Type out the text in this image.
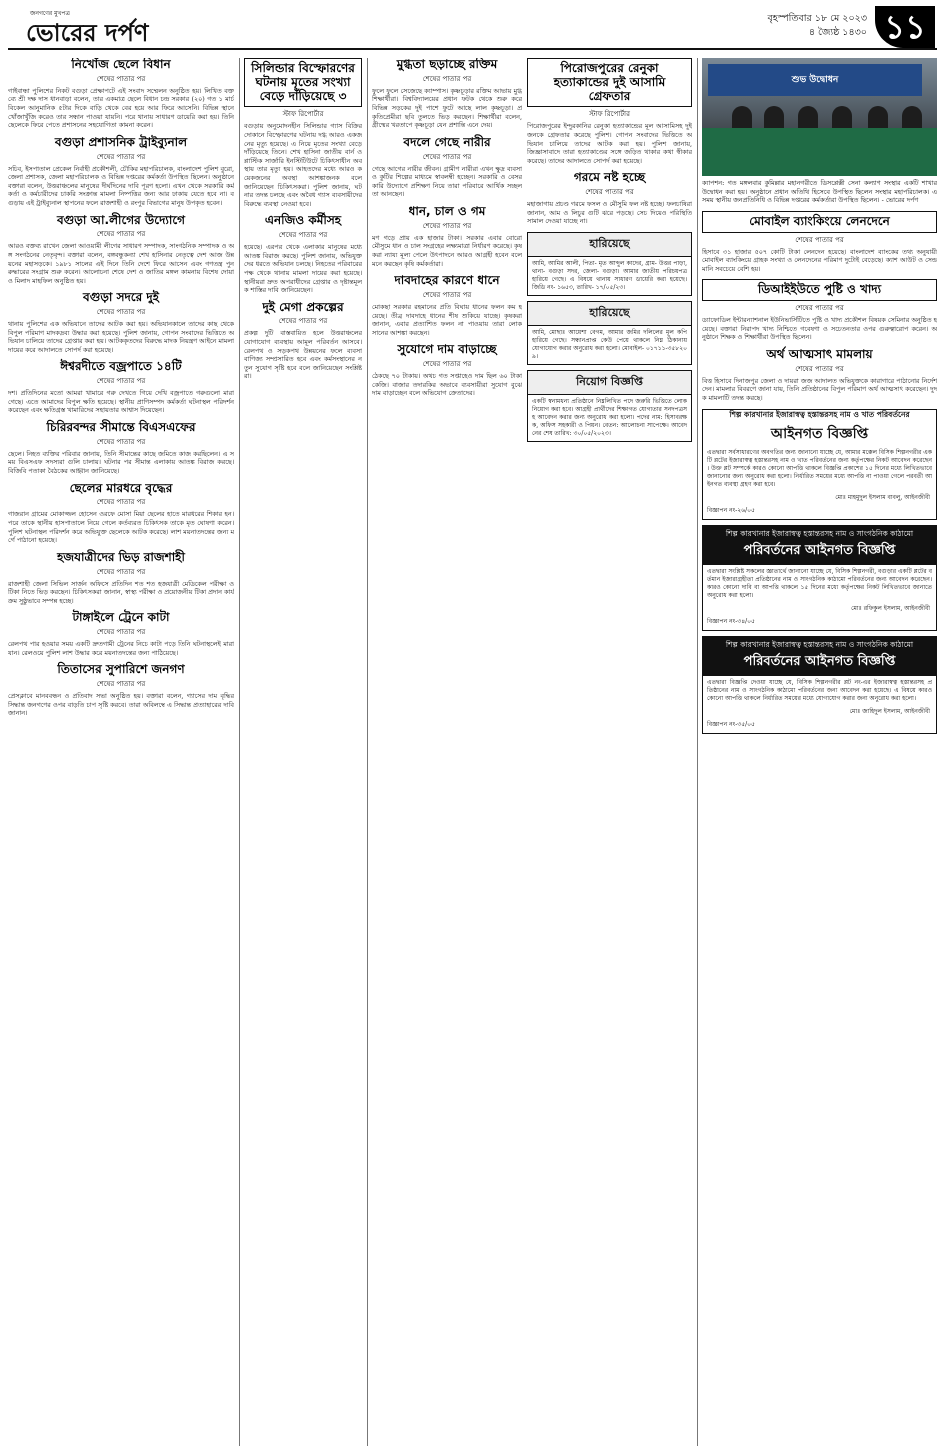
জনগণের মুখপত্র
ভোরের দর্পণ
বৃহস্পতিবার ১৮ মে ২০২৩
৪ জ্যৈষ্ঠ ১৪৩০ ১১
নিখোঁজ ছেলে বিধান
শেষের পাতার পর
গাইবান্ধা পুলিশের নিকট বগুড়া প্রেক্ষাপটে এই সংবাদ সম্মেলন অনুষ্ঠিত হয়। লিখিত বক্তব্যে শ্রী দক্ষ দাস ধানবাড়া বলেন, তার একমাত্র ছেলে বিধান চন্দ্র সরকার (২০) গত ১ মার্চ বিকেল আনুমানিক ৫টার দিকে বাড়ি থেকে বের হয়ে আর ফিরে আসেনি। বিভিন্ন স্থানে খোঁজাখুঁজি করেও তার সন্ধান পাওয়া যায়নি। পরে থানায় সাধারণ ডায়েরি করা হয়। তিনি ছেলেকে ফিরে পেতে প্রশাসনের সহযোগিতা কামনা করেন।
বগুড়া প্রশাসনিক ট্রাইব্যুনাল
শেষের পাতার পর
সচিব, ইসপাতাল প্রেকেল নির্বাহী প্রকৌশলী, চৌকির মহাপরিচালক, বাংলাদেশ পুলিশ বুরো, জেলা প্রশাসক, জেলা মহাপরিচালক ও বিভিন্ন দপ্তরের কর্মকর্তা উপস্থিত ছিলেন। অনুষ্ঠানে বক্তারা বলেন, উত্তরাঞ্চলের মানুষের দীর্ঘদিনের দাবি পূরণ হলো। এখন থেকে সরকারি কর্মকর্তা ও কর্মচারীদের চাকরি সংক্রান্ত মামলা নিষ্পত্তির জন্য আর ঢাকায় যেতে হবে না। বগুড়ায় এই ট্রাইব্যুনাল স্থাপনের ফলে রাজশাহী ও রংপুর বিভাগের মানুষ উপকৃত হবেন।
বগুড়া আ.লীগের উদ্যোগে
শেষের পাতার পর
আরও বক্তব্য রাখেন জেলা আওয়ামী লীগের সাধারণ সম্পাদক, সাংগঠনিক সম্পাদক ও অঙ্গ সংগঠনের নেতৃবৃন্দ। বক্তারা বলেন, বঙ্গবন্ধুকন্যা শেখ হাসিনার নেতৃত্বে দেশ আজ উন্নয়নের মহাসড়কে। ১৯৮১ সালের এই দিনে তিনি দেশে ফিরে আসেন এবং গণতন্ত্র পুনরুদ্ধারের সংগ্রাম শুরু করেন। আলোচনা শেষে দেশ ও জাতির মঙ্গল কামনায় বিশেষ দোয়া ও মিলাদ মাহফিল অনুষ্ঠিত হয়।
বগুড়া সদরে দুই
শেষের পাতার পর
থানায় পুলিশের এক অভিযানে তাদের আটক করা হয়। অভিযানকালে তাদের কাছ থেকে বিপুল পরিমাণ মাদকদ্রব্য উদ্ধার করা হয়েছে। পুলিশ জানায়, গোপন সংবাদের ভিত্তিতে অভিযান চালিয়ে তাদের গ্রেপ্তার করা হয়। আটককৃতদের বিরুদ্ধে মাদক নিয়ন্ত্রণ আইনে মামলা দায়ের করে আদালতে সোপর্দ করা হয়েছে।
ঈশ্বরদীতে বজ্রপাতে ১৪টি
শেষের পাতার পর
দশ। প্রতিদিনের মতো আমরা খামারে গরু দেখতে গিয়ে দেখি বজ্রপাতে গরুগুলো মারা গেছে। এতে আমাদের বিপুল ক্ষতি হয়েছে। স্থানীয় প্রাণিসম্পদ কর্মকর্তা ঘটনাস্থল পরিদর্শন করেছেন এবং ক্ষতিগ্রস্ত খামারিদের সহায়তার আশ্বাস দিয়েছেন।
চিরিরবন্দর সীমান্তে বিএসএফের
শেষের পাতার পর
ছেলে। নিহত ব্যক্তির পরিবার জানায়, তিনি সীমান্তের কাছে জমিতে কাজ করছিলেন। এ সময় বিএসএফ সদস্যরা গুলি চালায়। ঘটনার পর সীমান্ত এলাকায় আতঙ্ক বিরাজ করছে। বিজিবি পতাকা বৈঠকের আহ্বান জানিয়েছে।
ছেলের মারধরে বৃদ্ধের
শেষের পাতার পর
গাজরান গ্রামের মোকাজ্জল হোসেন ওরফে মোসা মিয়া ছেলের হাতে মারধরের শিকার হন। পরে তাকে স্থানীয় হাসপাতালে নিয়ে গেলে কর্তব্যরত চিকিৎসক তাকে মৃত ঘোষণা করেন। পুলিশ ঘটনাস্থল পরিদর্শন করে অভিযুক্ত ছেলেকে আটক করেছে। লাশ ময়নাতদন্তের জন্য মর্গে পাঠানো হয়েছে।
হজযাত্রীদের ভিড় রাজশাহী
শেষের পাতার পর
রাজশাহী জেলা সিভিল সার্জন অফিসে প্রতিদিন শত শত হজযাত্রী মেডিকেল পরীক্ষা ও টিকা নিতে ভিড় করছেন। চিকিৎসকরা জানান, স্বাস্থ্য পরীক্ষা ও প্রয়োজনীয় টিকা প্রদান কার্যক্রম সুষ্ঠুভাবে সম্পন্ন হচ্ছে।
টাঙ্গাইলে ট্রেনে কাটা
শেষের পাতার পর
রেলপথ পার হওয়ার সময় একটি দ্রুতগামী ট্রেনের নিচে কাটা পড়ে তিনি ঘটনাস্থলেই মারা যান। রেলওয়ে পুলিশ লাশ উদ্ধার করে ময়নাতদন্তের জন্য পাঠিয়েছে।
তিতাসের সুপারিশে জনগণ
শেষের পাতার পর
প্রেসক্লাবে মানববন্ধন ও প্রতিবাদ সভা অনুষ্ঠিত হয়। বক্তারা বলেন, গ্যাসের দাম বৃদ্ধির সিদ্ধান্ত জনগণের ওপর বাড়তি চাপ সৃষ্টি করবে। তারা অবিলম্বে এ সিদ্ধান্ত প্রত্যাহারের দাবি জানান।
সিলিন্ডার বিস্ফোরণের ঘটনায় মৃতের সংখ্যা বেড়ে দাঁড়িয়েছে ৩
স্টাফ রিপোর্টার
বগুড়ায় অনুমোদনহীন সিলিন্ডার গ্যাস বিক্রির দোকানে বিস্ফোরণের ঘটনায় দগ্ধ আরও একজনের মৃত্যু হয়েছে। এ নিয়ে মৃতের সংখ্যা বেড়ে দাঁড়িয়েছে তিনে। শেখ হাসিনা জাতীয় বার্ন ও প্লাস্টিক সার্জারি ইনস্টিটিউটে চিকিৎসাধীন অবস্থায় তার মৃত্যু হয়। আহতদের মধ্যে আরও কয়েকজনের অবস্থা আশঙ্কাজনক বলে জানিয়েছেন চিকিৎসকরা। পুলিশ জানায়, ঘটনার তদন্ত চলছে এবং অবৈধ গ্যাস ব্যবসায়ীদের বিরুদ্ধে ব্যবস্থা নেওয়া হবে।
এনজিও কর্মীসহ
শেষের পাতার পর
হয়েছে। এরপর থেকে এলাকার মানুষের মধ্যে আতঙ্ক বিরাজ করছে। পুলিশ জানায়, অভিযুক্তদের ধরতে অভিযান চলছে। নিহতের পরিবারের পক্ষ থেকে থানায় মামলা দায়ের করা হয়েছে। স্থানীয়রা দ্রুত অপরাধীদের গ্রেপ্তার ও দৃষ্টান্তমূলক শাস্তির দাবি জানিয়েছেন।
দুই মেগা প্রকল্পের
শেষের পাতার পর
প্রকল্প দুটি বাস্তবায়িত হলে উত্তরাঞ্চলের যোগাযোগ ব্যবস্থায় আমূল পরিবর্তন আসবে। রেলপথ ও সড়কপথ উন্নয়নের ফলে ব্যবসা বাণিজ্য সম্প্রসারিত হবে এবং কর্মসংস্থানের নতুন সুযোগ সৃষ্টি হবে বলে জানিয়েছেন সংশ্লিষ্টরা।
মুগ্ধতা ছড়াচ্ছে রক্তিম
শেষের পাতার পর
ফুলে ফুলে সেজেছে ক্যাম্পাস। কৃষ্ণচূড়ার রক্তিম আভায় মুগ্ধ শিক্ষার্থীরা। বিশ্ববিদ্যালয়ের প্রধান ফটক থেকে শুরু করে বিভিন্ন সড়কের দুই পাশে ফুটে আছে লাল কৃষ্ণচূড়া। প্রকৃতিপ্রেমীরা ছবি তুলতে ভিড় করছেন। শিক্ষার্থীরা বলেন, গ্রীষ্মের খরতাপে কৃষ্ণচূড়া যেন প্রশান্তি এনে দেয়।
বদলে গেছে নারীর
শেষের পাতার পর
গেছে আগের নারীর জীবন। গ্রামীণ নারীরা এখন ক্ষুদ্র ব্যবসা ও কুটির শিল্পের মাধ্যমে স্বাবলম্বী হচ্ছেন। সরকারি ও বেসরকারি উদ্যোগে প্রশিক্ষণ নিয়ে তারা পরিবারে আর্থিক সচ্ছলতা আনছেন।
ধান, চাল ও গম
শেষের পাতার পর
মণ গড়ে প্রায় এক হাজার টাকা। সরকার এবার বোরো মৌসুমে ধান ও চাল সংগ্রহের লক্ষ্যমাত্রা নির্ধারণ করেছে। কৃষকরা ন্যায্য মূল্য পেলে উৎপাদনে আরও আগ্রহী হবেন বলে মনে করছেন কৃষি কর্মকর্তারা।
দাবদাহের কারণে ধানে
শেষের পাতার পর
মোকছা সরকার রহমানের প্রতি বিঘায় ধানের ফলন কম হয়েছে। তীব্র দাবদাহে ধানের শীষ শুকিয়ে যাচ্ছে। কৃষকরা জানান, এবার প্রত্যাশিত ফলন না পাওয়ায় তারা লোকসানের আশঙ্কা করছেন।
সুযোগে দাম বাড়াচ্ছে
শেষের পাতার পর
ঠেকছে ৭০ টাকায়। অথচ গত সপ্তাহেও দাম ছিল ৬০ টাকা কেজি। বাজার তদারকির অভাবে ব্যবসায়ীরা সুযোগ বুঝে দাম বাড়াচ্ছেন বলে অভিযোগ ক্রেতাদের।
পিরোজপুরের রেনুকা হত্যাকান্ডের দুই আসামি গ্রেফতার
স্টাফ রিপোর্টার
পিরোজপুরের ইন্দুরকানির রেনুকা হত্যাকান্ডের মূল আসামিসহ দুইজনকে গ্রেফতার করেছে পুলিশ। গোপন সংবাদের ভিত্তিতে অভিযান চালিয়ে তাদের আটক করা হয়। পুলিশ জানায়, জিজ্ঞাসাবাদে তারা হত্যাকাণ্ডের সঙ্গে জড়িত থাকার কথা স্বীকার করেছে। তাদের আদালতে সোপর্দ করা হয়েছে।
গরমে নষ্ট হচ্ছে
শেষের পাতার পর
মহাজাগায় প্রচণ্ড গরমে ফসল ও মৌসুমি ফল নষ্ট হচ্ছে। ফলচাষিরা জানান, আম ও লিচুর গুটি ঝরে পড়ছে। সেচ দিয়েও পরিস্থিতি সামাল দেওয়া যাচ্ছে না।
হারিয়েছে
আমি, আমির আলী, পিতা- মৃত আব্দুল কাদের, গ্রাম- উত্তর পাড়া, থানা- বগুড়া সদর, জেলা- বগুড়া। আমার জাতীয় পরিচয়পত্র হারিয়ে গেছে। এ বিষয়ে থানায় সাধারণ ডায়েরি করা হয়েছে। জিডি নং- ১৬৫৩, তারিখ- ১৭/০৫/২৩।
হারিয়েছে
আমি, মোছাঃ আয়েশা বেগম, আমার জমির দলিলের মূল কপি হারিয়ে গেছে। সন্ধানপ্রাপ্ত কেউ পেয়ে থাকলে নিম্ন ঠিকানায় যোগাযোগ করার অনুরোধ করা হলো। মোবাইল- ০১৭১১-৩৫৮২০৯।
নিয়োগ বিজ্ঞপ্তি
একটি স্বনামধন্য প্রতিষ্ঠানে নিম্নলিখিত পদে জরুরি ভিত্তিতে লোক নিয়োগ করা হবে। আগ্রহী প্রার্থীদের শিক্ষাগত যোগ্যতার সনদপত্রসহ আবেদন করার জন্য অনুরোধ করা হলো। পদের নাম: হিসাবরক্ষক, অফিস সহকারী ও পিয়ন। বেতন: আলোচনা সাপেক্ষে। আবেদনের শেষ তারিখ: ৩০/০৫/২০২৩।
শুভ উদ্বোধন
ক্যাপশন: গত মঙ্গলবার কুমিল্লার মহানগরীতে ডিসপ্লেক্সী সেনা কল্যাণ সংস্থার একটি শাখার উদ্বোধন করা হয়। অনুষ্ঠানে প্রধান অতিথি হিসেবে উপস্থিত ছিলেন সংস্থার মহাপরিচালক। এ সময় স্থানীয় জনপ্রতিনিধি ও বিভিন্ন দপ্তরের কর্মকর্তারা উপস্থিত ছিলেন। - ভোরের দর্পণ
মোবাইল ব্যাংকিংয়ে লেনদেনে
শেষের পাতার পর
হিসাবে ৩১ হাজার ৫০৭ কোটি টাকা লেনদেন হয়েছে। বাংলাদেশ ব্যাংকের তথ্য অনুযায়ী মোবাইল ব্যাংকিংয়ে গ্রাহক সংখ্যা ও লেনদেনের পরিমাণ দুটোই বেড়েছে। ক্যাশ আউট ও সেন্ড মানি সবচেয়ে বেশি হয়।
ডিআইইউতে পুষ্টি ও খাদ্য
শেষের পাতার পর
ড্যাফোডিল ইন্টারন্যাশনাল ইউনিভার্সিটিতে পুষ্টি ও খাদ্য প্রকৌশল বিষয়ক সেমিনার অনুষ্ঠিত হয়েছে। বক্তারা নিরাপদ খাদ্য নিশ্চিতে গবেষণা ও সচেতনতার ওপর গুরুত্বারোপ করেন। অনুষ্ঠানে শিক্ষক ও শিক্ষার্থীরা উপস্থিত ছিলেন।
অর্থ আত্মসাৎ মামলায়
শেষের পাতার পর
বিত্ত হিসাবে দিনাজপুর জেলা ও দায়রা জজ আদালত অভিযুক্তকে কারাগারে পাঠানোর নির্দেশ দেন। মামলার বিবরণে জানা যায়, তিনি প্রতিষ্ঠানের বিপুল পরিমাণ অর্থ আত্মসাৎ করেছেন। দুদক মামলাটি তদন্ত করছে।
শিল্প কারখানার ইজারাস্বত্ব হস্তান্তরসহ নাম ও খাত পরিবর্তনের
আইনগত বিজ্ঞপ্তি
এতদ্বারা সর্বসাধারণের অবগতির জন্য জানানো যাচ্ছে যে, আমার মক্কেল বিসিক শিল্পনগরীর একটি প্লটের ইজারাস্বত্ব হস্তান্তরসহ নাম ও খাত পরিবর্তনের জন্য কর্তৃপক্ষের নিকট আবেদন করেছেন। উক্ত প্লট সম্পর্কে কারও কোনো আপত্তি থাকলে বিজ্ঞপ্তি প্রকাশের ১৫ দিনের মধ্যে লিখিতভাবে জানানোর জন্য অনুরোধ করা হলো। নির্ধারিত সময়ের মধ্যে আপত্তি না পাওয়া গেলে পরবর্তী আইনগত ব্যবস্থা গ্রহণ করা হবে।
মোঃ মাহমুদুল ইসলাম বাবলু, আইনজীবী
বিজ্ঞাপন নং-২৬/০৫
শিল্প কারখানার ইজারাস্বত্ব হস্তান্তরসহ নাম ও সাংগঠনিক কাঠামো
পরিবর্তনের আইনগত বিজ্ঞপ্তি
এতদ্বারা সংশ্লিষ্ট সকলের জ্ঞাতার্থে জানানো যাচ্ছে যে, বিসিক শিল্পনগরী, বগুড়ার একটি প্লটের বর্তমান ইজারাগ্রহীতা প্রতিষ্ঠানের নাম ও সাংগঠনিক কাঠামো পরিবর্তনের জন্য আবেদন করেছেন। কারও কোনো দাবি বা আপত্তি থাকলে ১৫ দিনের মধ্যে কর্তৃপক্ষের নিকট লিখিতভাবে জানাতে অনুরোধ করা হলো।
মোঃ রফিকুল ইসলাম, আইনজীবী
বিজ্ঞাপন নং-৩৪/০৫
শিল্প কারখানার ইজারাস্বত্ব হস্তান্তরসহ নাম ও সাংগঠনিক কাঠামো
পরিবর্তনের আইনগত বিজ্ঞপ্তি
এতদ্বারা বিজ্ঞপ্তি দেওয়া যাচ্ছে যে, বিসিক শিল্পনগরীর প্লট নং-এর ইজারাস্বত্ব হস্তান্তরসহ প্রতিষ্ঠানের নাম ও সাংগঠনিক কাঠামো পরিবর্তনের জন্য আবেদন করা হয়েছে। এ বিষয়ে কারও কোনো আপত্তি থাকলে নির্ধারিত সময়ের মধ্যে যোগাযোগ করার জন্য অনুরোধ করা হলো।
মোঃ জাহিদুল ইসলাম, আইনজীবী
বিজ্ঞাপন নং-৩৫/০৫
